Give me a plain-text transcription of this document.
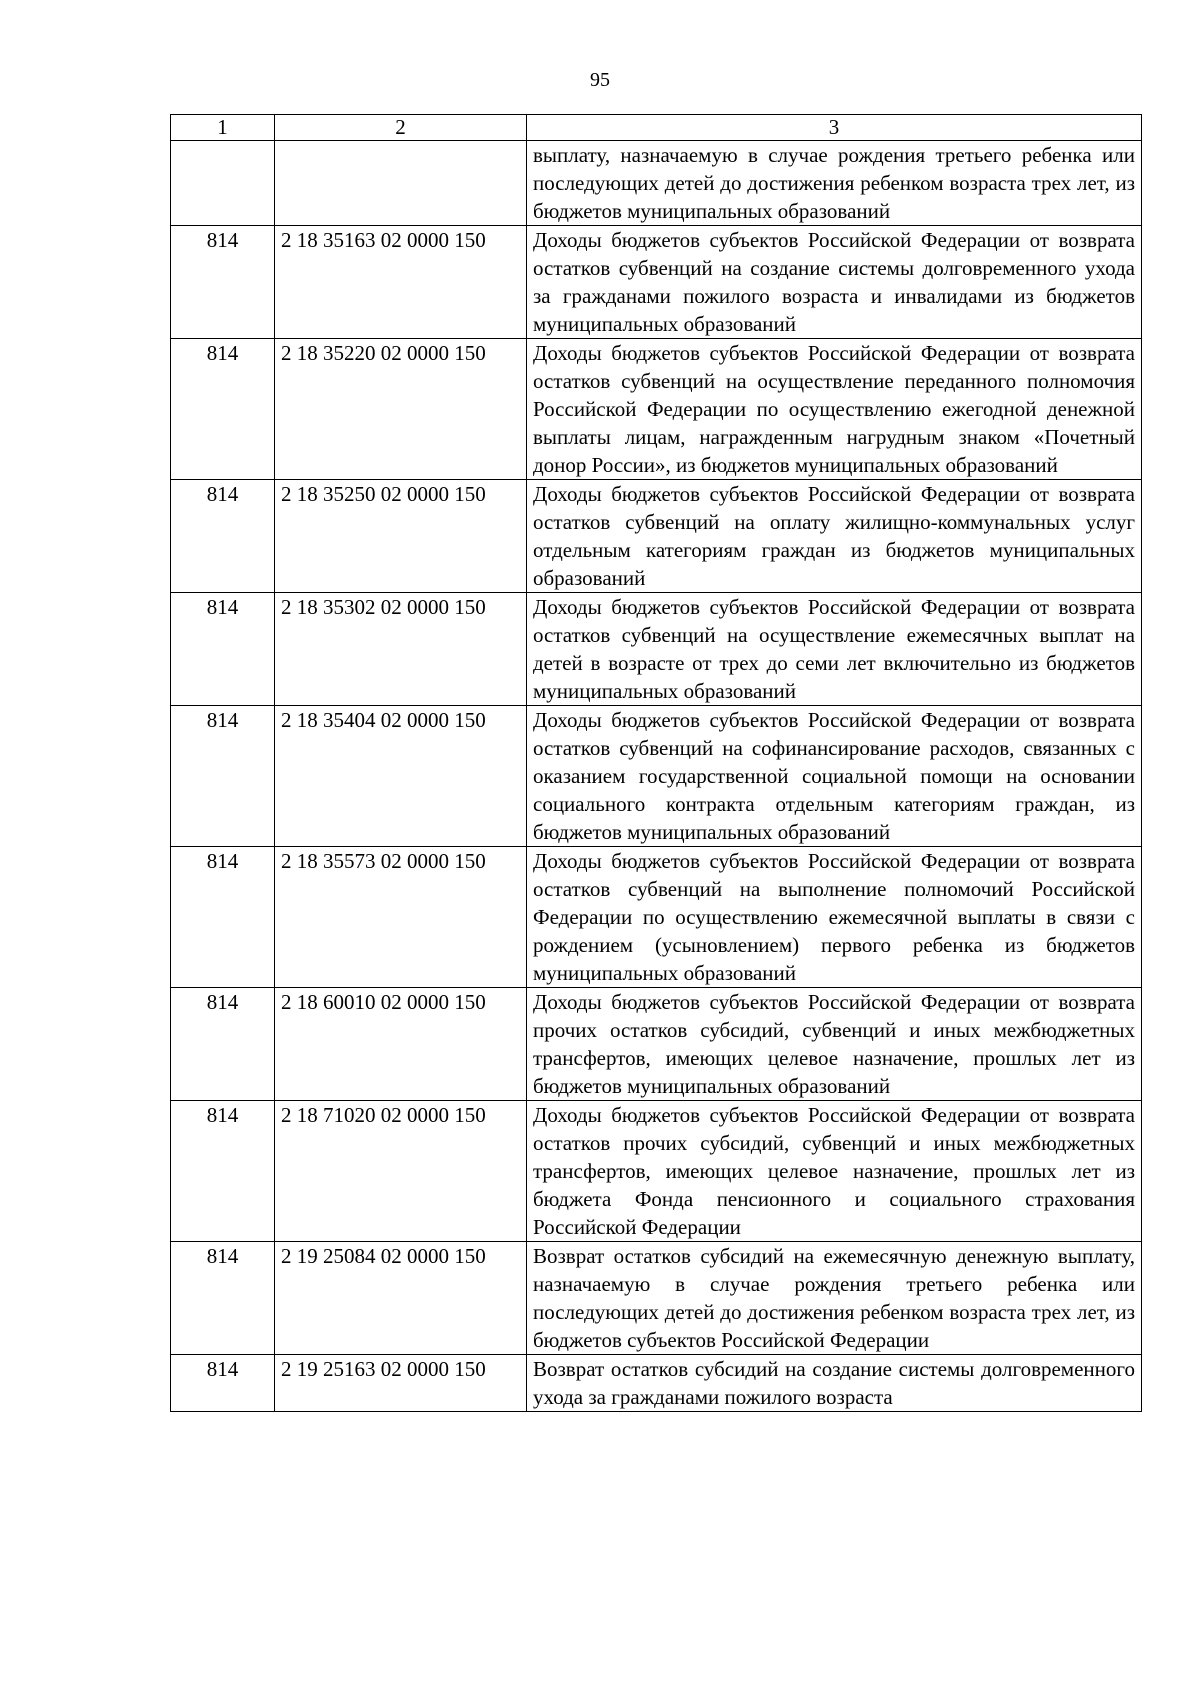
95
1	2	3
		выплату, назначаемую в случае рождения третьего ребенка или последующих детей до достижения ребенком возраста трех лет, из бюджетов муниципальных образований
814	2 18 35163 02 0000 150	Доходы бюджетов субъектов Российской Федерации от возврата остатков субвенций на создание системы долговременного ухода за гражданами пожилого возраста и инвалидами из бюджетов муниципальных образований
814	2 18 35220 02 0000 150	Доходы бюджетов субъектов Российской Федерации от возврата остатков субвенций на осуществление переданного полномочия Российской Федерации по осуществлению ежегодной денежной выплаты лицам, награжденным нагрудным знаком «Почетный донор России», из бюджетов муниципальных образований
814	2 18 35250 02 0000 150	Доходы бюджетов субъектов Российской Федерации от возврата остатков субвенций на оплату жилищно-коммунальных услуг отдельным категориям граждан из бюджетов муниципальных образований
814	2 18 35302 02 0000 150	Доходы бюджетов субъектов Российской Федерации от возврата остатков субвенций на осуществление ежемесячных выплат на детей в возрасте от трех до семи лет включительно из бюджетов муниципальных образований
814	2 18 35404 02 0000 150	Доходы бюджетов субъектов Российской Федерации от возврата остатков субвенций на софинансирование расходов, связанных с оказанием государственной социальной помощи на основании социального контракта отдельным категориям граждан, из бюджетов муниципальных образований
814	2 18 35573 02 0000 150	Доходы бюджетов субъектов Российской Федерации от возврата остатков субвенций на выполнение полномочий Российской Федерации по осуществлению ежемесячной выплаты в связи с рождением (усыновлением) первого ребенка из бюджетов муниципальных образований
814	2 18 60010 02 0000 150	Доходы бюджетов субъектов Российской Федерации от возврата прочих остатков субсидий, субвенций и иных межбюджетных трансфертов, имеющих целевое назначение, прошлых лет из бюджетов муниципальных образований
814	2 18 71020 02 0000 150	Доходы бюджетов субъектов Российской Федерации от возврата остатков прочих субсидий, субвенций и иных межбюджетных трансфертов, имеющих целевое назначение, прошлых лет из бюджета Фонда пенсионного и социального страхования Российской Федерации
814	2 19 25084 02 0000 150	Возврат остатков субсидий на ежемесячную денежную выплату, назначаемую в случае рождения третьего ребенка или последующих детей до достижения ребенком возраста трех лет, из бюджетов субъектов Российской Федерации
814	2 19 25163 02 0000 150	Возврат остатков субсидий на создание системы долговременного ухода за гражданами пожилого возраста
